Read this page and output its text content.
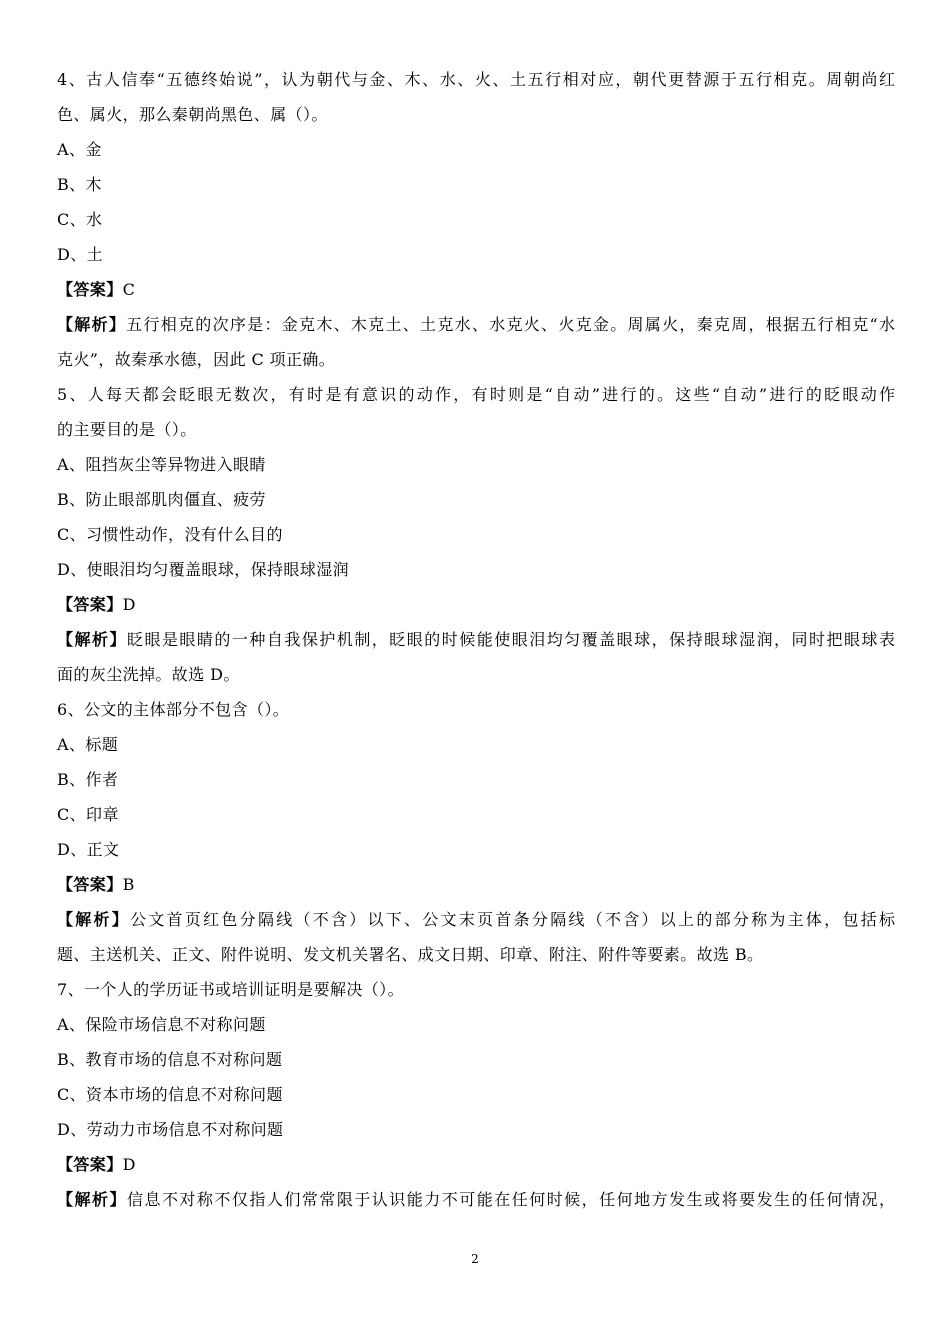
4、古人信奉“五德终始说”，认为朝代与金、木、水、火、土五行相对应，朝代更替源于五行相克。周朝尚红
色、属火，那么秦朝尚黑色、属（）。
A、金
B、木
C、水
D、土
【答案】C
【解析】五行相克的次序是：金克木、木克土、土克水、水克火、火克金。周属火，秦克周，根据五行相克“水
克火”，故秦承水德，因此 C 项正确。
5、人每天都会眨眼无数次，有时是有意识的动作，有时则是“自动”进行的。这些“自动”进行的眨眼动作
的主要目的是（）。
A、阻挡灰尘等异物进入眼睛
B、防止眼部肌肉僵直、疲劳
C、习惯性动作，没有什么目的
D、使眼泪均匀覆盖眼球，保持眼球湿润
【答案】D
【解析】眨眼是眼睛的一种自我保护机制，眨眼的时候能使眼泪均匀覆盖眼球，保持眼球湿润，同时把眼球表
面的灰尘洗掉。故选 D。
6、公文的主体部分不包含（）。
A、标题
B、作者
C、印章
D、正文
【答案】B
【解析】公文首页红色分隔线（不含）以下、公文末页首条分隔线（不含）以上的部分称为主体，包括标
题、主送机关、正文、附件说明、发文机关署名、成文日期、印章、附注、附件等要素。故选 B。
7、一个人的学历证书或培训证明是要解决（）。
A、保险市场信息不对称问题
B、教育市场的信息不对称问题
C、资本市场的信息不对称问题
D、劳动力市场信息不对称问题
【答案】D
【解析】信息不对称不仅指人们常常限于认识能力不可能在任何时候，任何地方发生或将要发生的任何情况，
2
